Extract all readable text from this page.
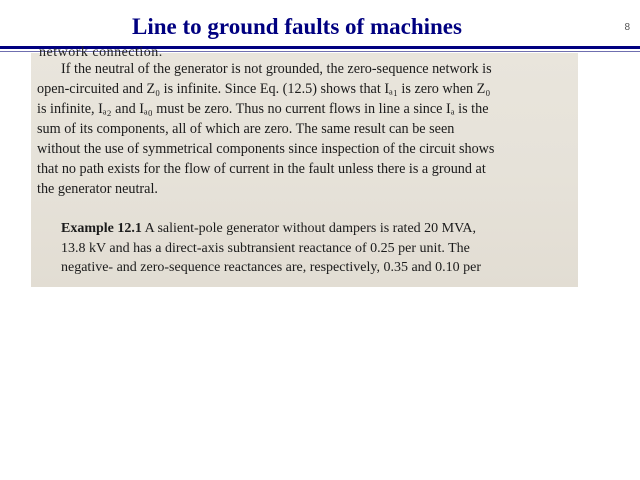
Line to ground faults of machines	8
network connection.

If the neutral of the generator is not grounded, the zero-sequence network is
open-circuited and Z₀ is infinite. Since Eq. (12.5) shows that Iₐ₁ is zero when Z₀
is infinite, Iₐ₂ and Iₐ₀ must be zero. Thus no current flows in line a since Iₐ is the
sum of its components, all of which are zero. The same result can be seen
without the use of symmetrical components since inspection of the circuit shows
that no path exists for the flow of current in the fault unless there is a ground at
the generator neutral.

Example 12.1 A salient-pole generator without dampers is rated 20 MVA,
13.8 kV and has a direct-axis subtransient reactance of 0.25 per unit. The
negative- and zero-sequence reactances are, respectively, 0.35 and 0.10 per
